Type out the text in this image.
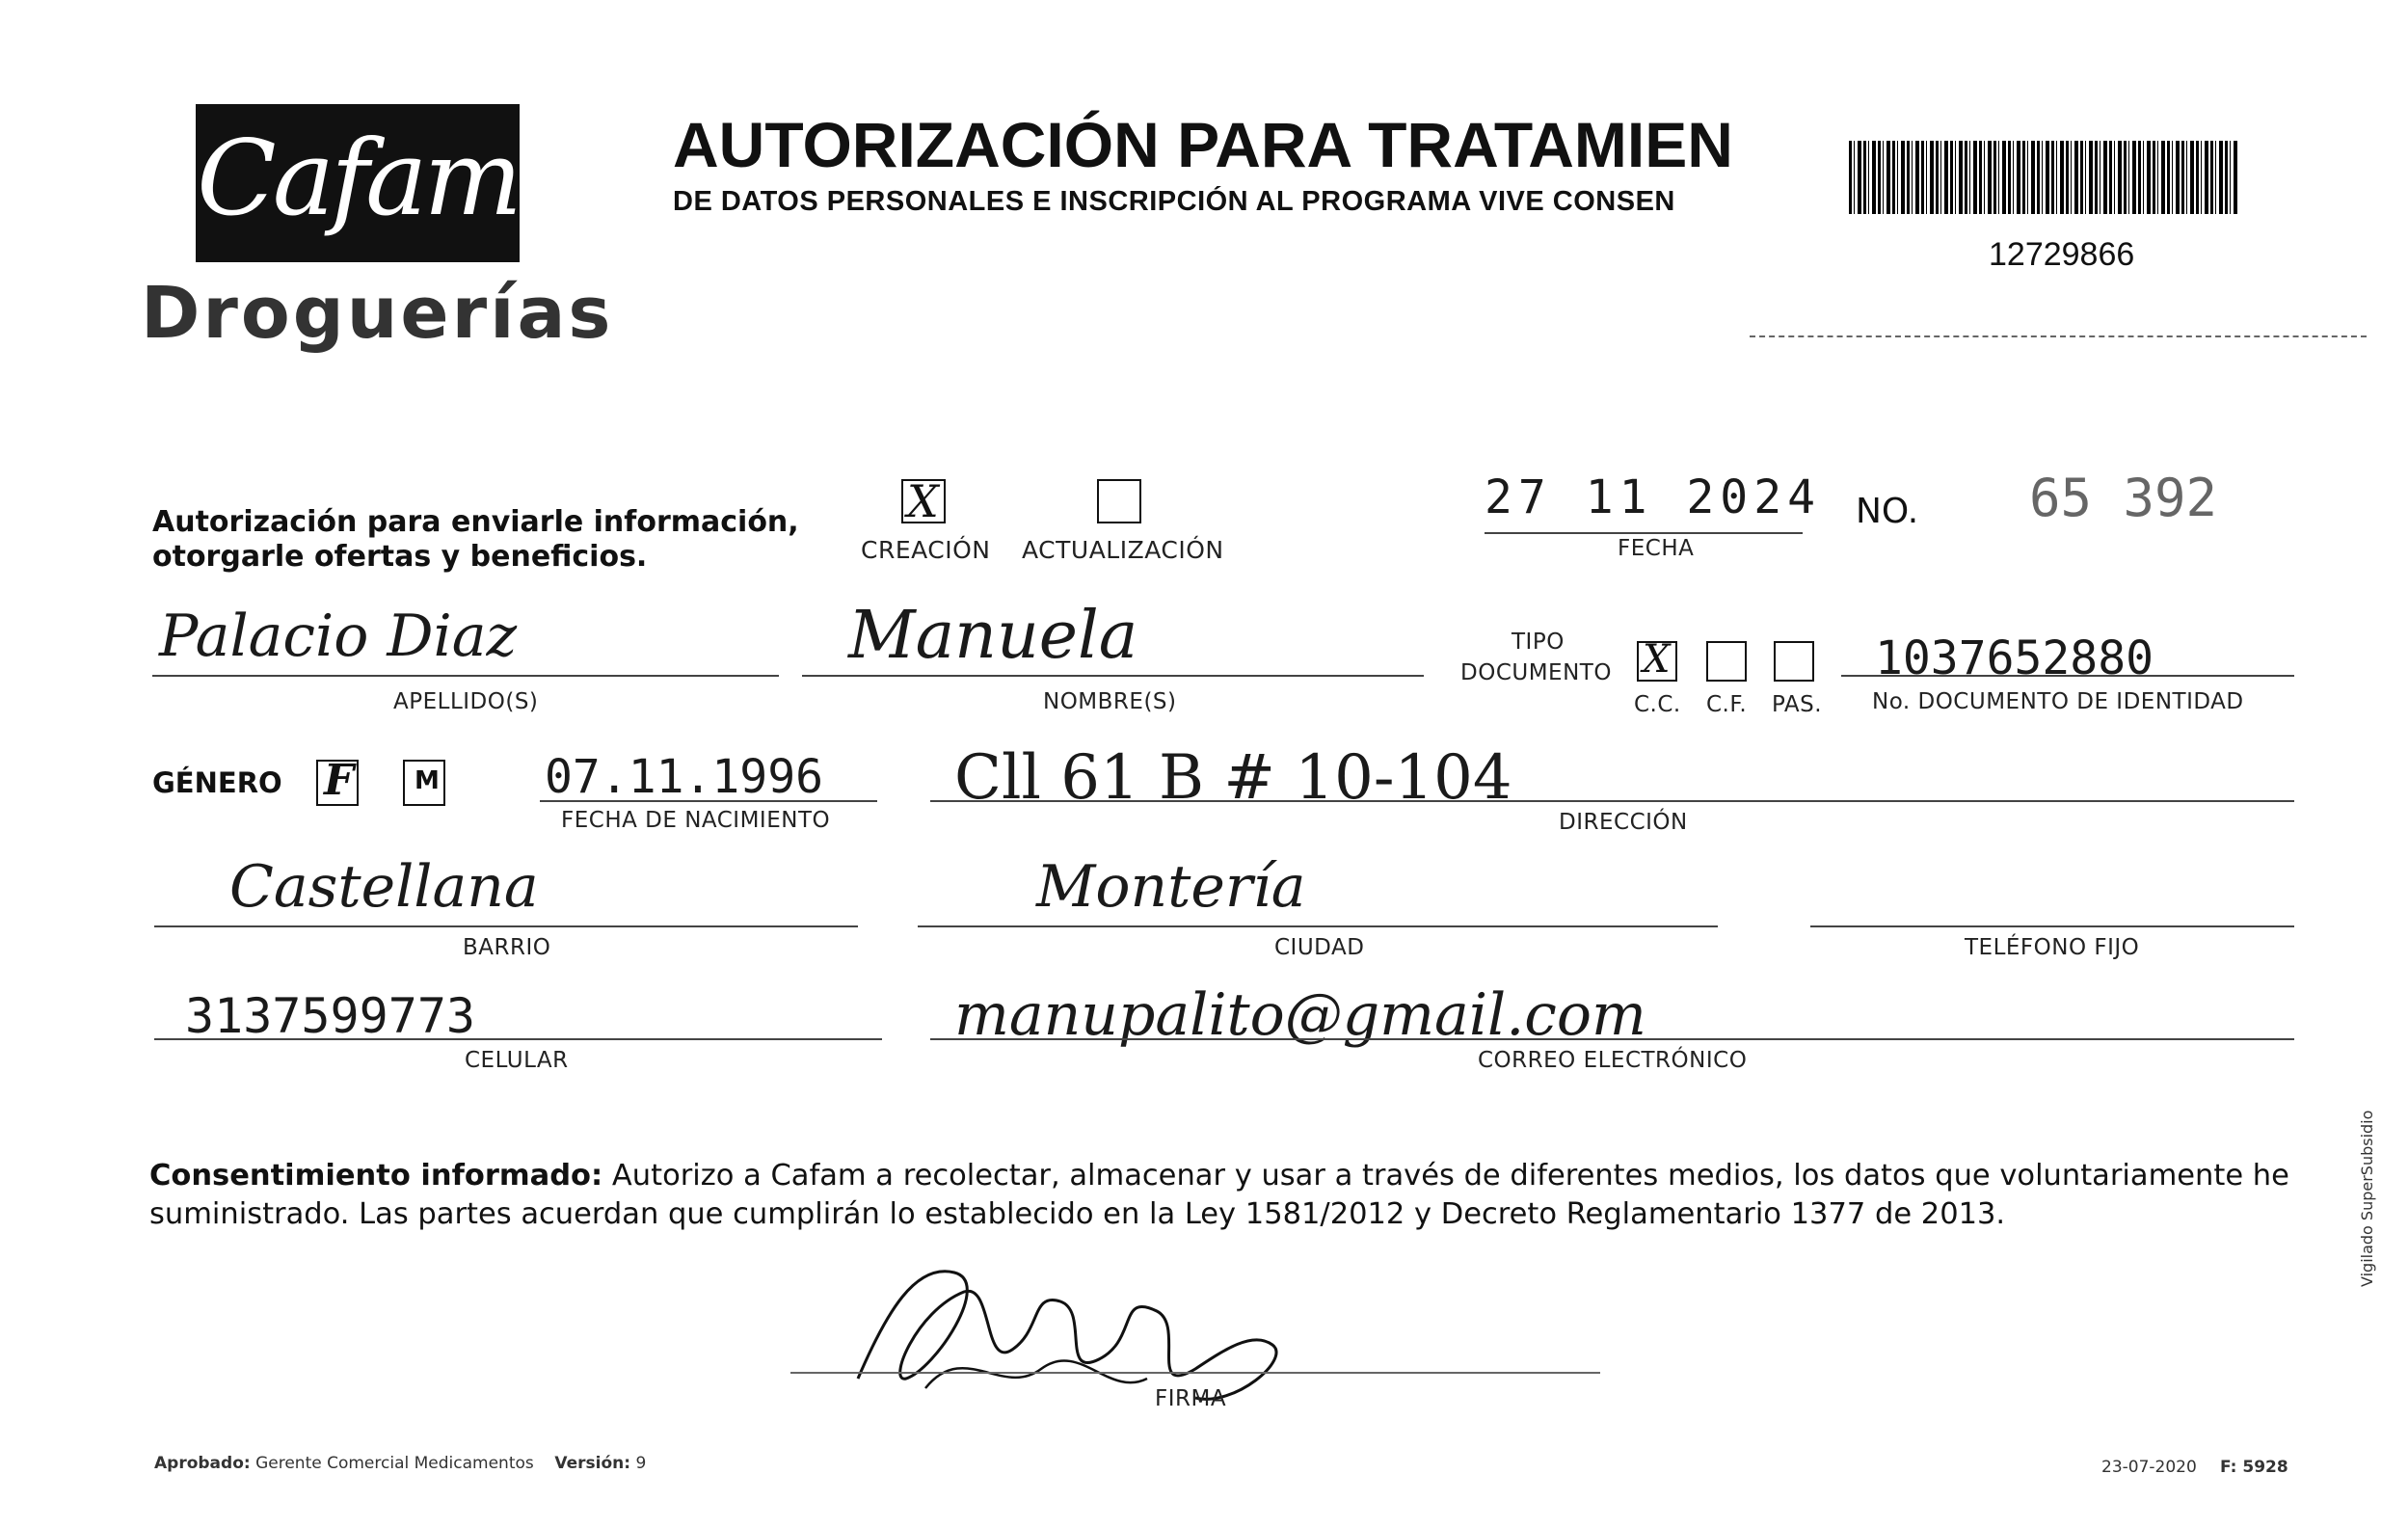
Cafam
Droguerías
AUTORIZACIÓN PARA TRATAMIEN
DE DATOS PERSONALES E INSCRIPCIÓN AL PROGRAMA VIVE CONSEN
12729866
Autorización para enviarle información,
otorgarle ofertas y beneficios.
X
CREACIÓN ACTUALIZACIÓN
27 11 2024
FECHA
NO. 65 392
Palacio Diaz
APELLIDO(S)
Manuela
NOMBRE(S)
TIPO
DOCUMENTO X
C.C. C.F. PAS.
1037652880
No. DOCUMENTO DE IDENTIDAD
GÉNERO F M 07.11.1996
FECHA DE NACIMIENTO
Cll 61 B # 10-104
DIRECCIÓN
Castellana
BARRIO
Montería
CIUDAD	TELÉFONO FIJO
3137599773
CELULAR
manupalito@gmail.com
CORREO ELECTRÓNICO
Consentimiento informado: Autorizo a Cafam a recolectar, almacenar y usar a través de diferentes medios, los datos que voluntariamente he suministrado. Las partes acuerdan que cumplirán lo establecido en la Ley 1581/2012 y Decreto Reglamentario 1377 de 2013.
FIRMA
Aprobado: Gerente Comercial Medicamentos Versión: 9	23-07-2020 F: 5928
Vigilado SuperSubsidio
